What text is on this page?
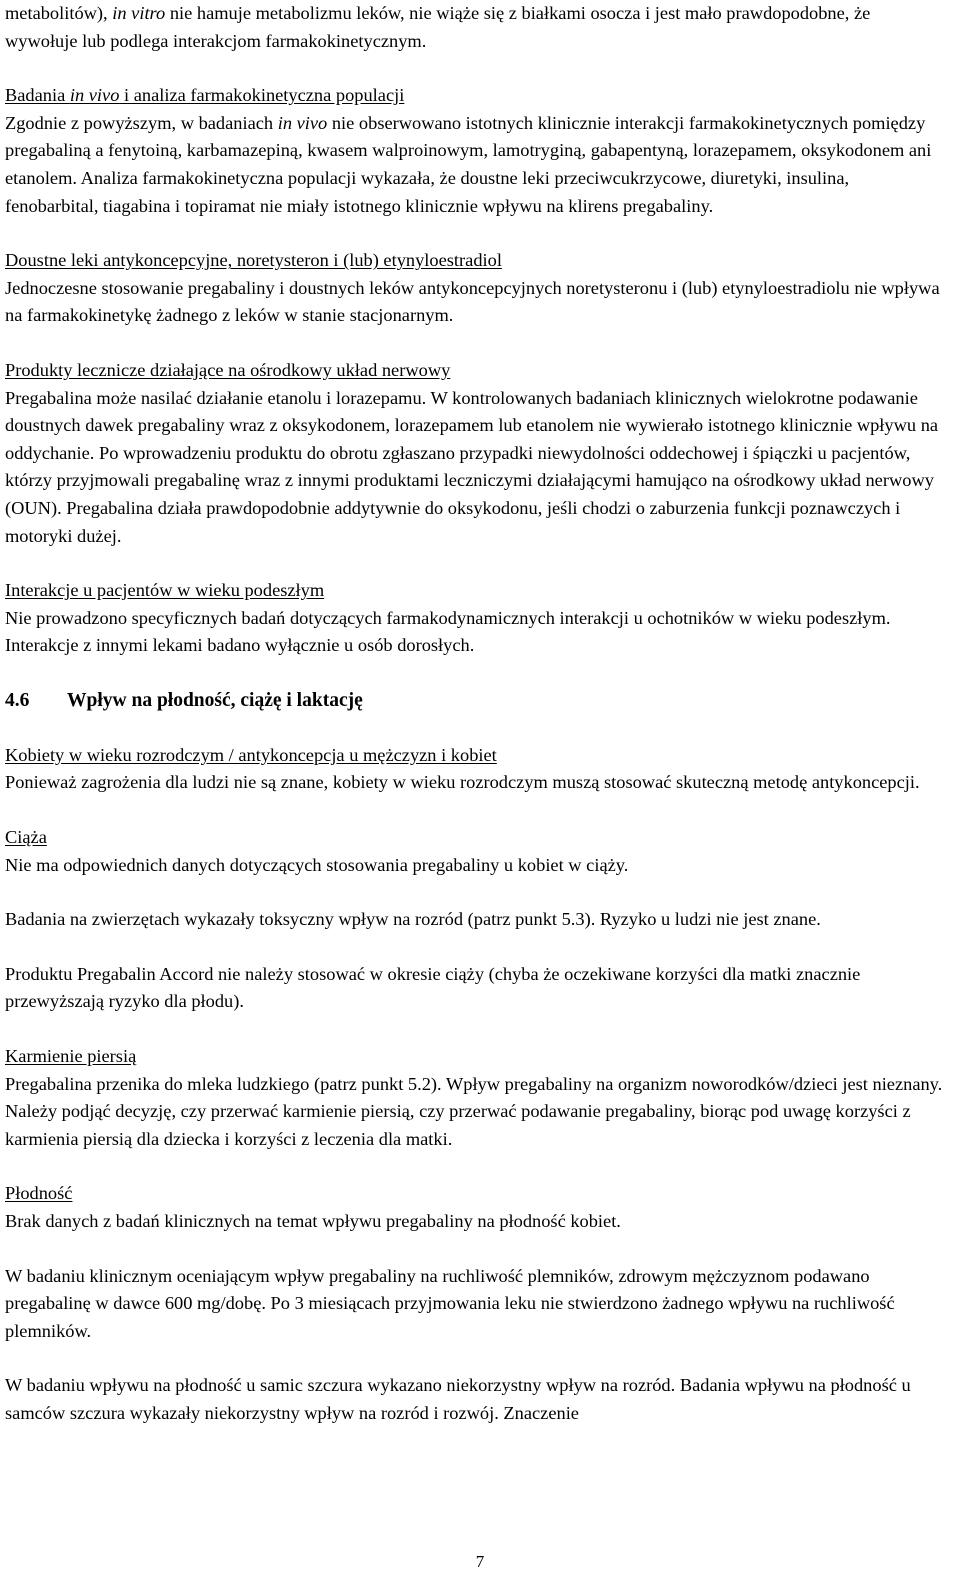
metabolitów), in vitro nie hamuje metabolizmu leków, nie wiąże się z białkami osocza i jest mało prawdopodobne, że wywołuje lub podlega interakcjom farmakokinetycznym.

Badania in vivo i analiza farmakokinetyczna populacji

Zgodnie z powyższym, w badaniach in vivo nie obserwowano istotnych klinicznie interakcji farmakokinetycznych pomiędzy pregabaliną a fenytoiną, karbamazepiną, kwasem walproinowym, lamotryginą, gabapentyną, lorazepamem, oksykodonem ani etanolem. Analiza farmakokinetyczna populacji wykazała, że doustne leki przeciwcukrzycowe, diuretyki, insulina, fenobarbital, tiagabina i topiramat nie miały istotnego klinicznie wpływu na klirens pregabaliny.

Doustne leki antykoncepcyjne, noretysteron i (lub) etynyloestradiol

Jednoczesne stosowanie pregabaliny i doustnych leków antykoncepcyjnych noretysteronu i (lub) etynyloestradiolu nie wpływa na farmakokinetykę żadnego z leków w stanie stacjonarnym.

Produkty lecznicze działające na ośrodkowy układ nerwowy

Pregabalina może nasilać działanie etanolu i lorazepamu. W kontrolowanych badaniach klinicznych wielokrotne podawanie doustnych dawek pregabaliny wraz z oksykodonem, lorazepamem lub etanolem nie wywierało istotnego klinicznie wpływu na oddychanie. Po wprowadzeniu produktu do obrotu zgłaszano przypadki niewydolności oddechowej i śpiączki u pacjentów, którzy przyjmowali pregabalinę wraz z innymi produktami leczniczymi działającymi hamująco na ośrodkowy układ nerwowy (OUN). Pregabalina działa prawdopodobnie addytywnie do oksykodonu, jeśli chodzi o zaburzenia funkcji poznawczych i motoryki dużej.

Interakcje u pacjentów w wieku podeszłym

Nie prowadzono specyficznych badań dotyczących farmakodynamicznych interakcji u ochotników w wieku podeszłym. Interakcje z innymi lekami badano wyłącznie u osób dorosłych.

4.6	Wpływ na płodność, ciążę i laktację

Kobiety w wieku rozrodczym / antykoncepcja u mężczyzn i kobiet

Ponieważ zagrożenia dla ludzi nie są znane, kobiety w wieku rozrodczym muszą stosować skuteczną metodę antykoncepcji.

Ciąża

Nie ma odpowiednich danych dotyczących stosowania pregabaliny u kobiet w ciąży.

Badania na zwierzętach wykazały toksyczny wpływ na rozród (patrz punkt 5.3). Ryzyko u ludzi nie jest znane.

Produktu Pregabalin Accord nie należy stosować w okresie ciąży (chyba że oczekiwane korzyści dla matki znacznie przewyższają ryzyko dla płodu).

Karmienie piersią

Pregabalina przenika do mleka ludzkiego (patrz punkt 5.2). Wpływ pregabaliny na organizm noworodków/dzieci jest nieznany. Należy podjąć decyzję, czy przerwać karmienie piersią, czy przerwać podawanie pregabaliny, biorąc pod uwagę korzyści z karmienia piersią dla dziecka i korzyści z leczenia dla matki.

Płodność

Brak danych z badań klinicznych na temat wpływu pregabaliny na płodność kobiet.

W badaniu klinicznym oceniającym wpływ pregabaliny na ruchliwość plemników, zdrowym mężczyznom podawano pregabalinę w dawce 600 mg/dobę. Po 3 miesiącach przyjmowania leku nie stwierdzono żadnego wpływu na ruchliwość plemników.

W badaniu wpływu na płodność u samic szczura wykazano niekorzystny wpływ na rozród. Badania wpływu na płodność u samców szczura wykazały niekorzystny wpływ na rozród i rozwój. Znaczenie

7
